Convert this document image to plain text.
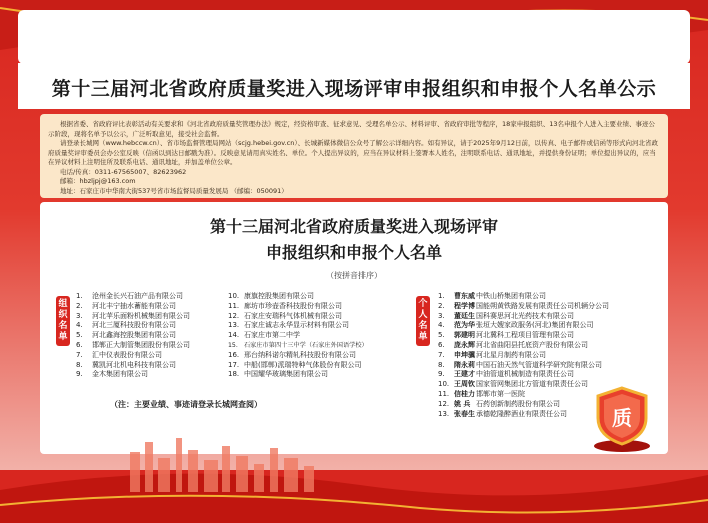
第十三届河北省政府质量奖进入现场评审申报组织和申报个人名单公示

根据省委、省政府评比表彰活动有关要求和《河北省政府质量奖管理办法》规定，经资格审查、征求意见、受理名单公示、材料评审、省政府审批等程序，18家申报组织、13名申报个人进入主要业绩、事迹公示阶段，现将名单予以公示，广泛听取意见，接受社会监督。

请登录长城网（www.hebccw.cn）、省市场监督管理局网站（scjg.hebei.gov.cn）、长城新媒体微信公众号了解公示详细内容。如有异议，请于2025年9月12日前，以传真、电子邮件或信函等形式向河北省政府质量奖评审委员会办公室反映（信函以到达日邮戳为准）。反映意见请用真实姓名、单位。个人提出异议的，应当在异议材料上签署本人姓名，注明联系电话、通讯地址，并提供身份证明；单位提出异议的，应当在异议材料上注明住所及联系电话、通讯地址，并加盖单位公章。

电话/传真：0311-67565007、82623962

邮箱：hbzljpj@163.com

地址：石家庄市中华南大街537号省市场监督局质量发展局 （邮编：050091）

第十三届河北省政府质量奖进入现场评审
申报组织和申报个人名单
（按拼音排序）
组织名单
个人名单
1. 沧州金长兴石油产品有限公司
2. 河北丰宁抽水蓄能有限公司
3. 河北苹乐面粉机械集团有限公司
4. 河北三厦科技股份有限公司
5. 河北鑫海控股集团有限公司
6. 邯郸正大制管集团股份有限公司
7. 汇中仪表股份有限公司
8. 冀凯河北机电科技有限公司
9. 金木集团有限公司
10. 康旗控股集团有限公司
11. 廊坊市珍壶香科技股份有限公司
12. 石家庄安瑞科气体机械有限公司
13. 石家庄诚志永华显示材料有限公司
14. 石家庄市第二中学
15. 石家庄市第四十三中学（石家庄外国语学校）
16. 邢台纳科诺尔精轧科技股份有限公司
17. 中船(邯郸)派瑞特种气体股份有限公司
18. 中国耀华玻璃集团有限公司
1. 曹东威中铁山桥集团有限公司
2. 程学博国能朔黄铁路发展有限责任公司机辆分公司
3. 董廷生国科赛思河北光药技术有限公司
4. 范为华张垣大嫂家政服务(河北)集团有限公司
5. 郭建明河北冀科工程项目管理有限公司
6. 庞永辉河北省曲阳县托底资产股份有限公司
7. 申坤骥河北星月制药有限公司
8. 隋永莉中国石油天然气管道科学研究院有限公司
9. 王建才中油管道机械制造有限责任公司
10. 王周钦国家管网集团北方管道有限责任公司
11. 信桂力邯郸市第一医院
12. 姚 兵 石药创新制药股份有限公司
13. 张春生承德乾隆醉酒业有限责任公司
（注：主要业绩、事迹请登录长城网查阅）
质
